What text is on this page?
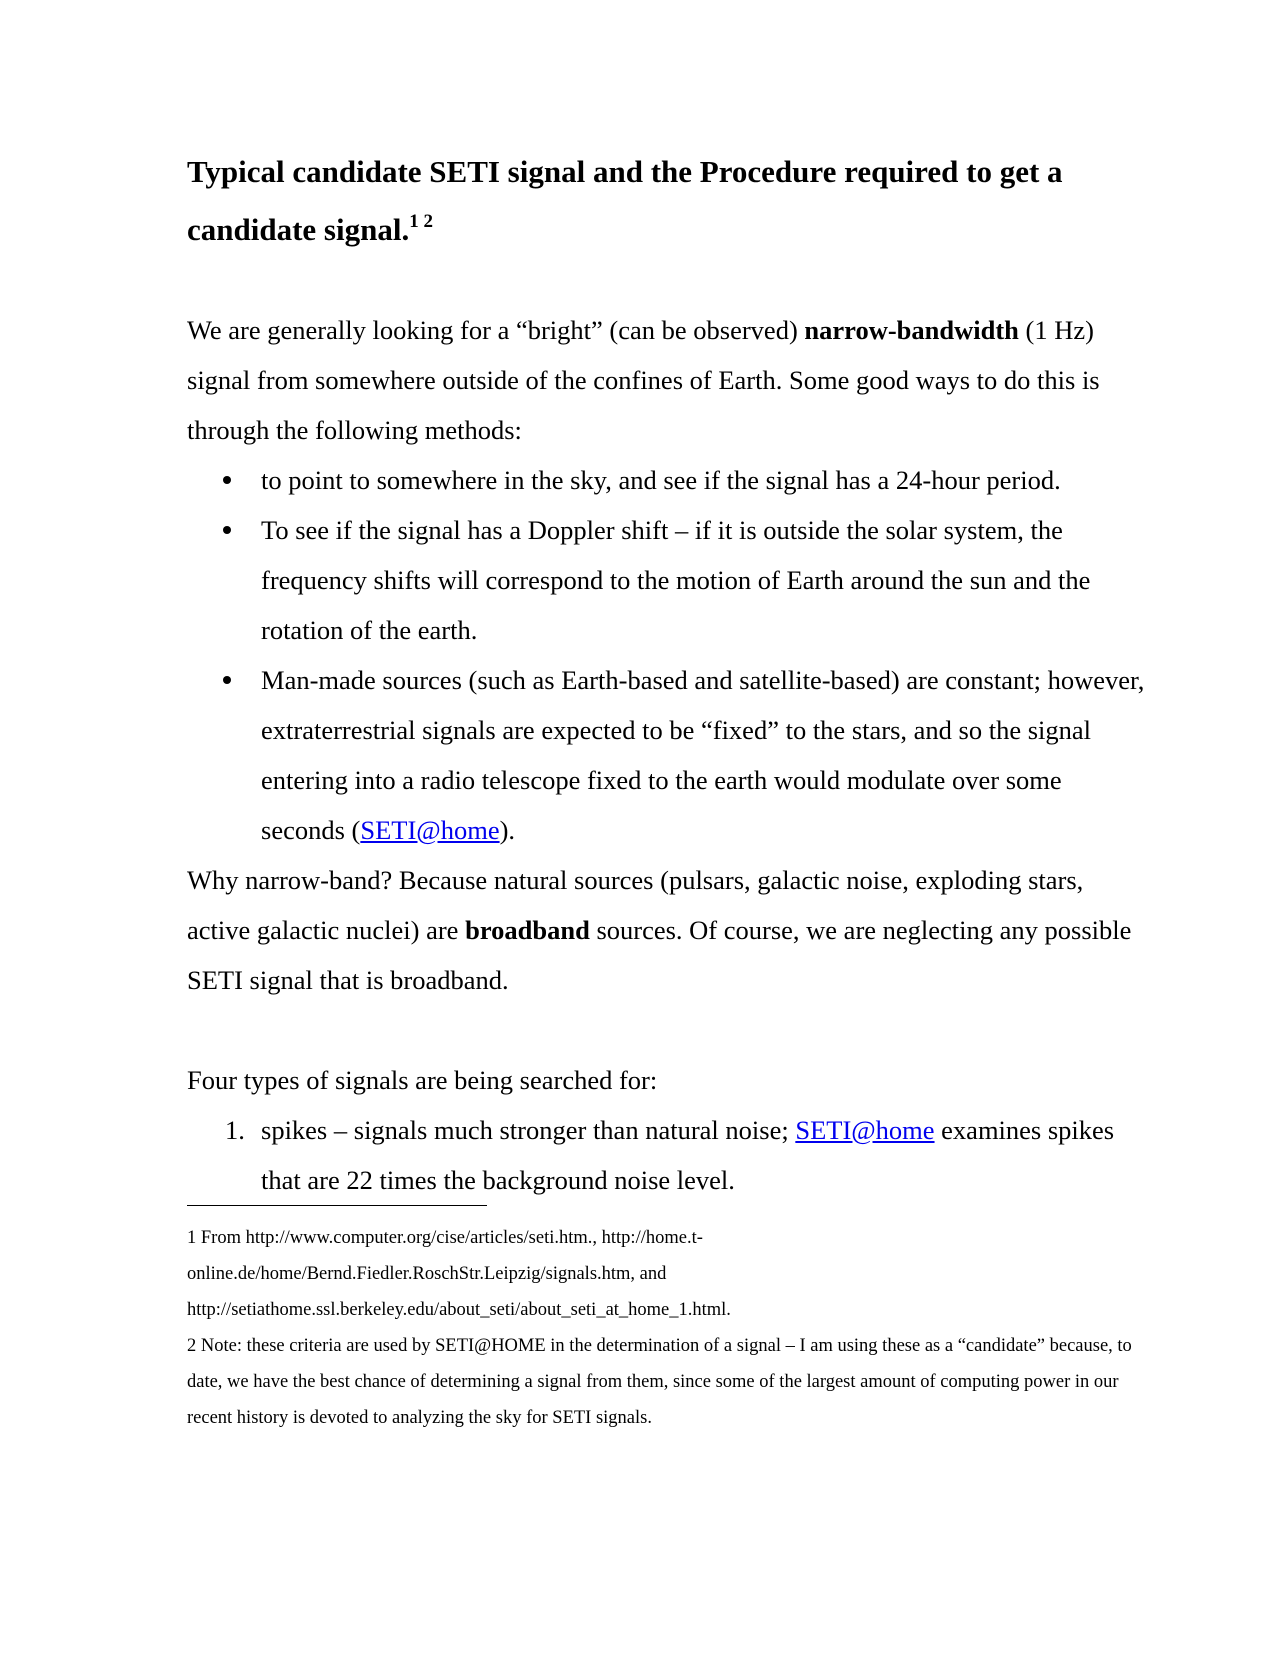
Typical candidate SETI signal and the Procedure required to get a candidate signal.$^{1 2}$

We are generally looking for a “bright” (can be observed) narrow-bandwidth (1 Hz) signal from somewhere outside of the confines of Earth. Some good ways to do this is through the following methods:

to point to somewhere in the sky, and see if the signal has a 24-hour period.
To see if the signal has a Doppler shift – if it is outside the solar system, the frequency shifts will correspond to the motion of Earth around the sun and the rotation of the earth.
Man-made sources (such as Earth-based and satellite-based) are constant; however, extraterrestrial signals are expected to be “fixed” to the stars, and so the signal entering into a radio telescope fixed to the earth would modulate over some seconds (SETI@home).

Why narrow-band? Because natural sources (pulsars, galactic noise, exploding stars, active galactic nuclei) are broadband sources. Of course, we are neglecting any possible SETI signal that is broadband.

Four types of signals are being searched for:

1. spikes – signals much stronger than natural noise; SETI@home examines spikes that are 22 times the background noise level.

1 From http://www.computer.org/cise/articles/seti.htm., http://home.t-online.de/home/Bernd.Fiedler.RoschStr.Leipzig/signals.htm, and http://setiathome.ssl.berkeley.edu/about_seti/about_seti_at_home_1.html.

2 Note: these criteria are used by SETI@HOME in the determination of a signal – I am using these as a “candidate” because, to date, we have the best chance of determining a signal from them, since some of the largest amount of computing power in our recent history is devoted to analyzing the sky for SETI signals.
